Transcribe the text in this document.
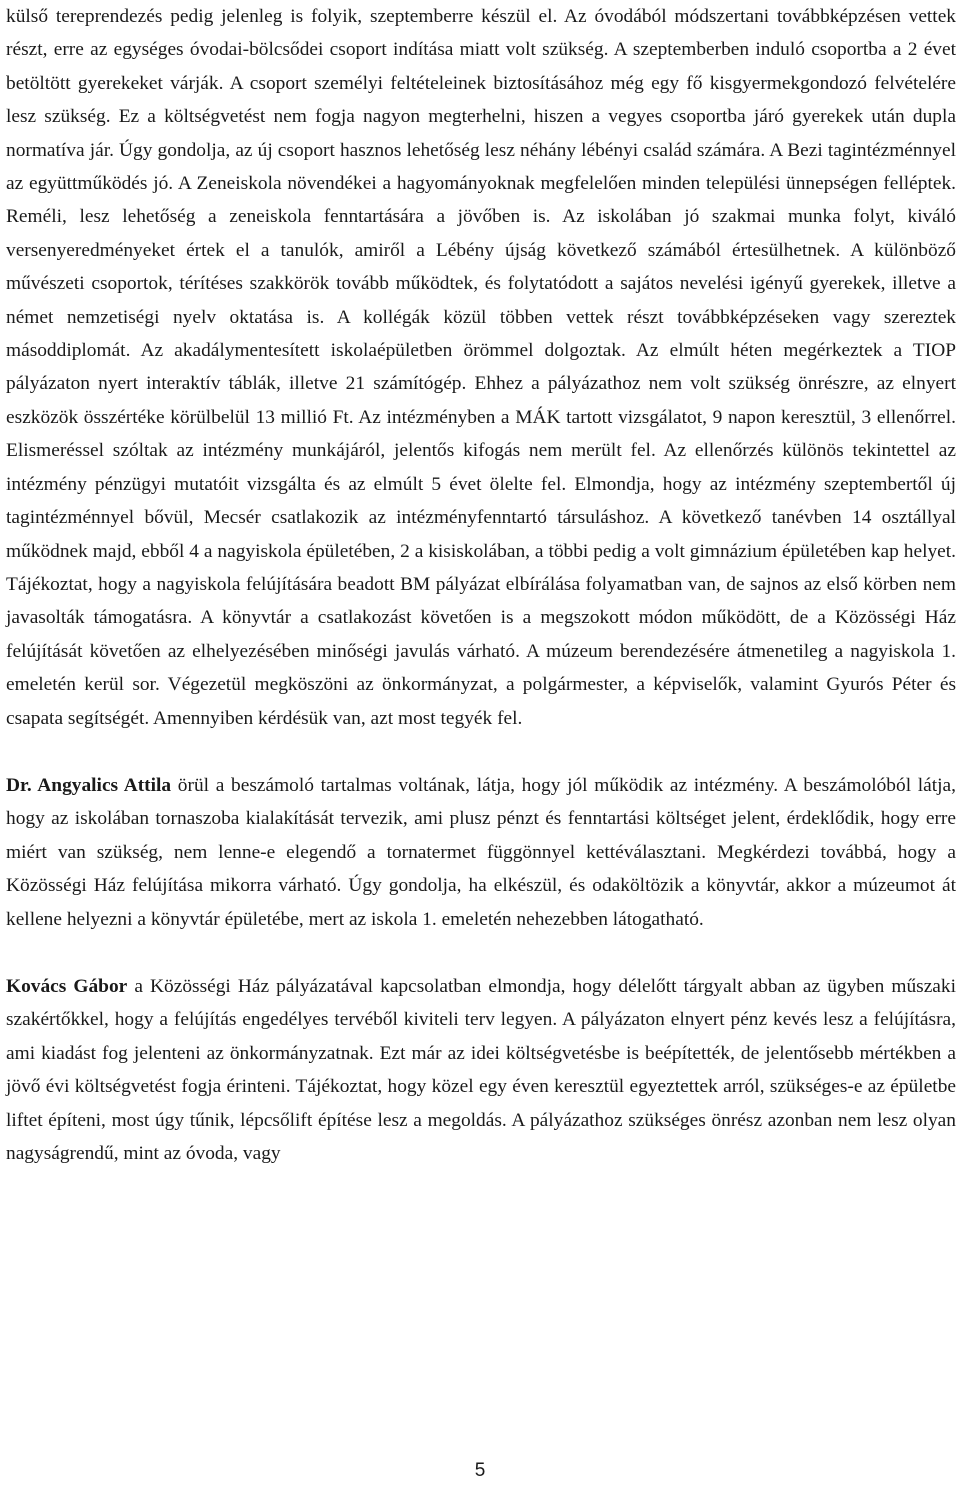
külső tereprendezés pedig jelenleg is folyik, szeptemberre készül el. Az óvodából módszertani továbbképzésen vettek részt, erre az egységes óvodai-bölcsődei csoport indítása miatt volt szükség. A szeptemberben induló csoportba a 2 évet betöltött gyerekeket várják. A csoport személyi feltételeinek biztosításához még egy fő kisgyermekgondozó felvételére lesz szükség. Ez a költségvetést nem fogja nagyon megterhelni, hiszen a vegyes csoportba járó gyerekek után dupla normatíva jár. Úgy gondolja, az új csoport hasznos lehetőség lesz néhány lébényi család számára. A Bezi tagintézménnyel az együttműködés jó. A Zeneiskola növendékei a hagyományoknak megfelelően minden települési ünnepségen felléptek. Reméli, lesz lehetőség a zeneiskola fenntartására a jövőben is. Az iskolában jó szakmai munka folyt, kiváló versenyeredményeket értek el a tanulók, amiről a Lébény újság következő számából értesülhetnek. A különböző művészeti csoportok, térítéses szakkörök tovább működtek, és folytatódott a sajátos nevelési igényű gyerekek, illetve a német nemzetiségi nyelv oktatása is. A kollégák közül többen vettek részt továbbképzéseken vagy szereztek másoddiplomát. Az akadálymentesített iskolaépületben örömmel dolgoztak. Az elmúlt héten megérkeztek a TIOP pályázaton nyert interaktív táblák, illetve 21 számítógép. Ehhez a pályázathoz nem volt szükség önrészre, az elnyert eszközök összértéke körülbelül 13 millió Ft. Az intézményben a MÁK tartott vizsgálatot, 9 napon keresztül, 3 ellenőrrel. Elismeréssel szóltak az intézmény munkájáról, jelentős kifogás nem merült fel. Az ellenőrzés különös tekintettel az intézmény pénzügyi mutatóit vizsgálta és az elmúlt 5 évet ölelte fel. Elmondja, hogy az intézmény szeptembertől új tagintézménnyel bővül, Mecsér csatlakozik az intézményfenntartó társuláshoz. A következő tanévben 14 osztállyal működnek majd, ebből 4 a nagyiskola épületében, 2 a kisiskolában, a többi pedig a volt gimnázium épületében kap helyet. Tájékoztat, hogy a nagyiskola felújítására beadott BM pályázat elbírálása folyamatban van, de sajnos az első körben nem javasolták támogatásra. A könyvtár a csatlakozást követően is a megszokott módon működött, de a Közösségi Ház felújítását követően az elhelyezésében minőségi javulás várható. A múzeum berendezésére átmenetileg a nagyiskola 1. emeletén kerül sor. Végezetül megköszöni az önkormányzat, a polgármester, a képviselők, valamint Gyurós Péter és csapata segítségét. Amennyiben kérdésük van, azt most tegyék fel.

Dr. Angyalics Attila örül a beszámoló tartalmas voltának, látja, hogy jól működik az intézmény. A beszámolóból látja, hogy az iskolában tornaszoba kialakítását tervezik, ami plusz pénzt és fenntartási költséget jelent, érdeklődik, hogy erre miért van szükség, nem lenne-e elegendő a tornatermet függönnyel kettéválasztani. Megkérdezi továbbá, hogy a Közösségi Ház felújítása mikorra várható. Úgy gondolja, ha elkészül, és odaköltözik a könyvtár, akkor a múzeumot át kellene helyezni a könyvtár épületébe, mert az iskola 1. emeletén nehezebben látogatható.

Kovács Gábor a Közösségi Ház pályázatával kapcsolatban elmondja, hogy délelőtt tárgyalt abban az ügyben műszaki szakértőkkel, hogy a felújítás engedélyes tervéből kiviteli terv legyen. A pályázaton elnyert pénz kevés lesz a felújításra, ami kiadást fog jelenteni az önkormányzatnak. Ezt már az idei költségvetésbe is beépítették, de jelentősebb mértékben a jövő évi költségvetést fogja érinteni. Tájékoztat, hogy közel egy éven keresztül egyeztettek arról, szükséges-e az épületbe liftet építeni, most úgy tűnik, lépcsőlift építése lesz a megoldás. A pályázathoz szükséges önrész azonban nem lesz olyan nagyságrendű, mint az óvoda, vagy

5
